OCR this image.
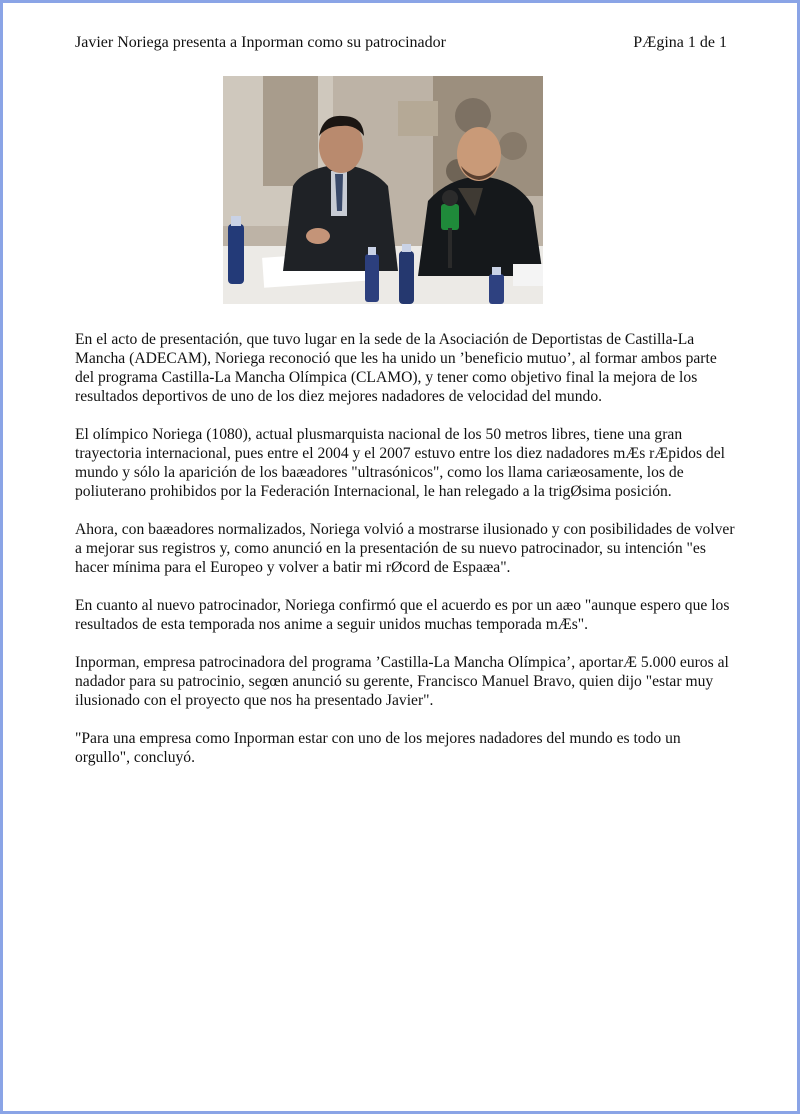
Javier Noriega presenta a Inporman como su patrocinador	PÆgina 1 de 1

En el acto de presentación, que tuvo lugar en la sede de la Asociación de Deportistas de Castilla-La Mancha (ADECAM), Noriega reconoció que les ha unido un ’beneficio mutuo’, al formar ambos parte del programa Castilla-La Mancha Olímpica (CLAMO), y tener como objetivo final la mejora de los resultados deportivos de uno de los diez mejores nadadores de velocidad del mundo.

El olímpico Noriega (1080), actual plusmarquista nacional de los 50 metros libres, tiene una gran trayectoria internacional, pues entre el 2004 y el 2007 estuvo entre los diez nadadores mÆs rÆpidos del mundo y sólo la aparición de los baæadores "ultrasónicos", como los llama cariæosamente, los de poliuterano prohibidos por la Federación Internacional, le han relegado a la trigØsima posición.

Ahora, con baæadores normalizados, Noriega volvió a mostrarse ilusionado y con posibilidades de volver a mejorar sus registros y, como anunció en la presentación de su nuevo patrocinador, su intención "es hacer mínima para el Europeo y volver a batir mi rØcord de Espaæa".

En cuanto al nuevo patrocinador, Noriega confirmó que el acuerdo es por un aæo "aunque espero que los resultados de esta temporada nos anime a seguir unidos muchas temporada mÆs".

Inporman, empresa patrocinadora del programa ’Castilla-La Mancha Olímpica’, aportarÆ 5.000 euros al nadador para su patrocinio, segœn anunció su gerente, Francisco Manuel Bravo, quien dijo "estar muy ilusionado con el proyecto que nos ha presentado Javier".

"Para una empresa como Inporman estar con uno de los mejores nadadores del mundo es todo un orgullo", concluyó.
